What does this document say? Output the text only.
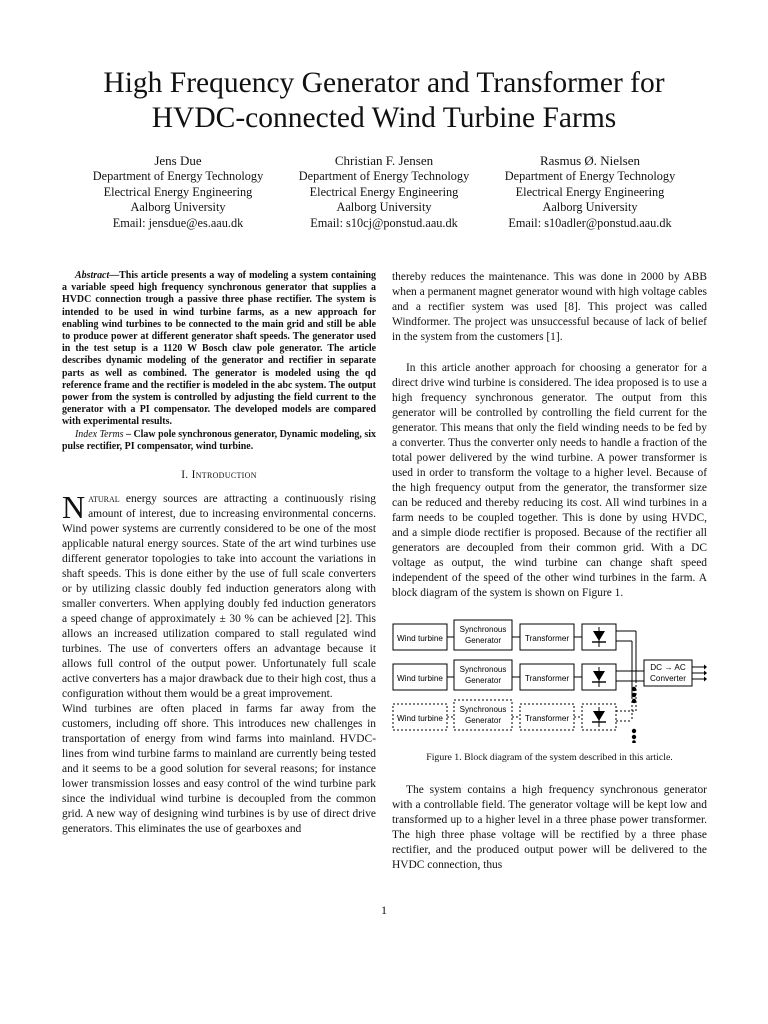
High Frequency Generator and Transformer for
HVDC-connected Wind Turbine Farms
Jens Due
Department of Energy Technology
Electrical Energy Engineering
Aalborg University
Email: jensdue@es.aau.dk
Christian F. Jensen
Department of Energy Technology
Electrical Energy Engineering
Aalborg University
Email: s10cj@ponstud.aau.dk
Rasmus Ø. Nielsen
Department of Energy Technology
Electrical Energy Engineering
Aalborg University
Email: s10adler@ponstud.aau.dk

Abstract—This article presents a way of modeling a system containing a variable speed high frequency synchronous generator that supplies a HVDC connection trough a passive three phase rectifier. The system is intended to be used in wind turbine farms, as a new approach for enabling wind turbines to be connected to the main grid and still be able to produce power at different generator shaft speeds. The generator used in the test setup is a 1120 W Bosch claw pole generator. The article describes dynamic modeling of the generator and rectifier in separate parts as well as combined. The generator is modeled using the qd reference frame and the rectifier is modeled in the abc system. The output power from the system is controlled by adjusting the field current to the generator with a PI compensator. The developed models are compared with experimental results.

Index Terms – Claw pole synchronous generator, Dynamic modeling, six pulse rectifier, PI compensator, wind turbine.

I. Introduction

Natural energy sources are attracting a continuously rising amount of interest, due to increasing environmental concerns. Wind power systems are currently considered to be one of the most applicable natural energy sources. State of the art wind turbines use different generator topologies to take into account the variations in shaft speeds. This is done either by the use of full scale converters or by utilizing classic doubly fed induction generators along with smaller converters. When applying doubly fed induction generators a speed change of approximately ± 30 % can be achieved [2]. This allows an increased utilization compared to stall regulated wind turbines. The use of converters offers an advantage because it allows full control of the output power. Unfortunately full scale active converters has a major drawback due to their high cost, thus a configuration without them would be a great improvement.

Wind turbines are often placed in farms far away from the customers, including off shore. This introduces new challenges in transportation of energy from wind farms into mainland. HVDC-lines from wind turbine farms to mainland are currently being tested and it seems to be a good solution for several reasons; for instance lower transmission losses and easy control of the wind turbine park since the individual wind turbine is decoupled from the common grid. A new way of designing wind turbines is by use of direct drive generators. This eliminates the use of gearboxes and

thereby reduces the maintenance. This was done in 2000 by ABB when a permanent magnet generator wound with high voltage cables and a rectifier system was used [8]. This project was called Windformer. The project was unsuccessful because of lack of belief in the system from the customers [1].

In this article another approach for choosing a generator for a direct drive wind turbine is considered. The idea proposed is to use a high frequency synchronous generator. The output from this generator will be controlled by controlling the field current for the generator. This means that only the field winding needs to be fed by a converter. Thus the converter only needs to handle a fraction of the total power delivered by the wind turbine. A power transformer is used in order to transform the voltage to a higher level. Because of the high frequency output from the generator, the transformer size can be reduced and thereby reducing its cost. All wind turbines in a farm needs to be coupled together. This is done by using HVDC, and a simple diode rectifier is proposed. Because of the rectifier all generators are decoupled from their common grid. With a DC voltage as output, the wind turbine can change shaft speed independent of the speed of the other wind turbines in the farm. A block diagram of the system is shown on Figure 1.

Wind turbine
Synchronous
Generator	Transformer
Wind turbine
Synchronous
Generator	Transformer
Wind turbine
Synchronous
Generator	Transformer
DC → AC
Converter
Figure 1. Block diagram of the system described in this article.

The system contains a high frequency synchronous generator with a controllable field. The generator voltage will be kept low and transformed up to a higher level in a three phase power transformer. The high three phase voltage will be rectified by a three phase rectifier, and the produced output power will be delivered to the HVDC connection, thus

1
